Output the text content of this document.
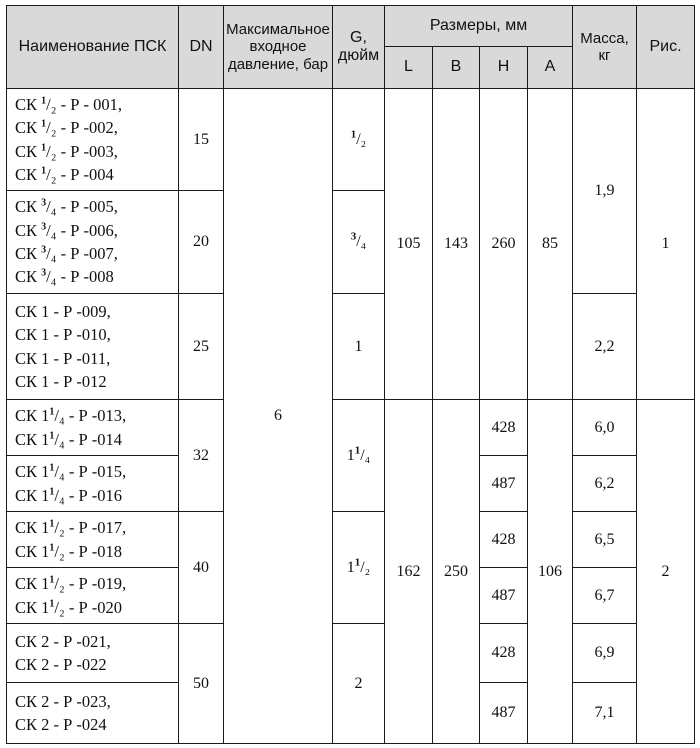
Наименование ПСК	DN	Максимальное входное давление, бар	G, дюйм	Размеры, мм				Масса, кг	Рис.
				L	B	H	A		

СК $^1$/₂ - Р - 001,
СК $^1$/₂ - Р -002,
СК $^1$/₂ - Р -003,
СК $^1$/₂ - Р -004	15	6	$^1$/₂	105	143	260	85	1,9	1

СК $^3$/₄ - Р -005,
СК $^3$/₄ - Р -006,
СК $^3$/₄ - Р -007,
СК $^3$/₄ - Р -008	20		$^3$/₄						

СК 1 - Р -009,
СК 1 - Р -010,
СК 1 - Р -011,
СК 1 - Р -012	25		1					2,2	

СК $1^1/_4$ - Р -013,
СК $1^1/_4$ - Р -014	32		$1^1/_4$	162	250	428	106	6,0	2

СК $1^1/_4$ - Р -015,
СК $1^1/_4$ - Р -016						487		6,2	

СК $1^1/_2$ - Р -017,
СК $1^1/_2$ - Р -018	40		$1^1/_2$			428		6,5	

СК $1^1/_2$ - Р -019,
СК $1^1/_2$ - Р -020						487		6,7	

СК 2 - Р -021,
СК 2 - Р -022	50		2			428		6,9	

СК 2 - Р -023,
СК 2 - Р -024						487		7,1	
